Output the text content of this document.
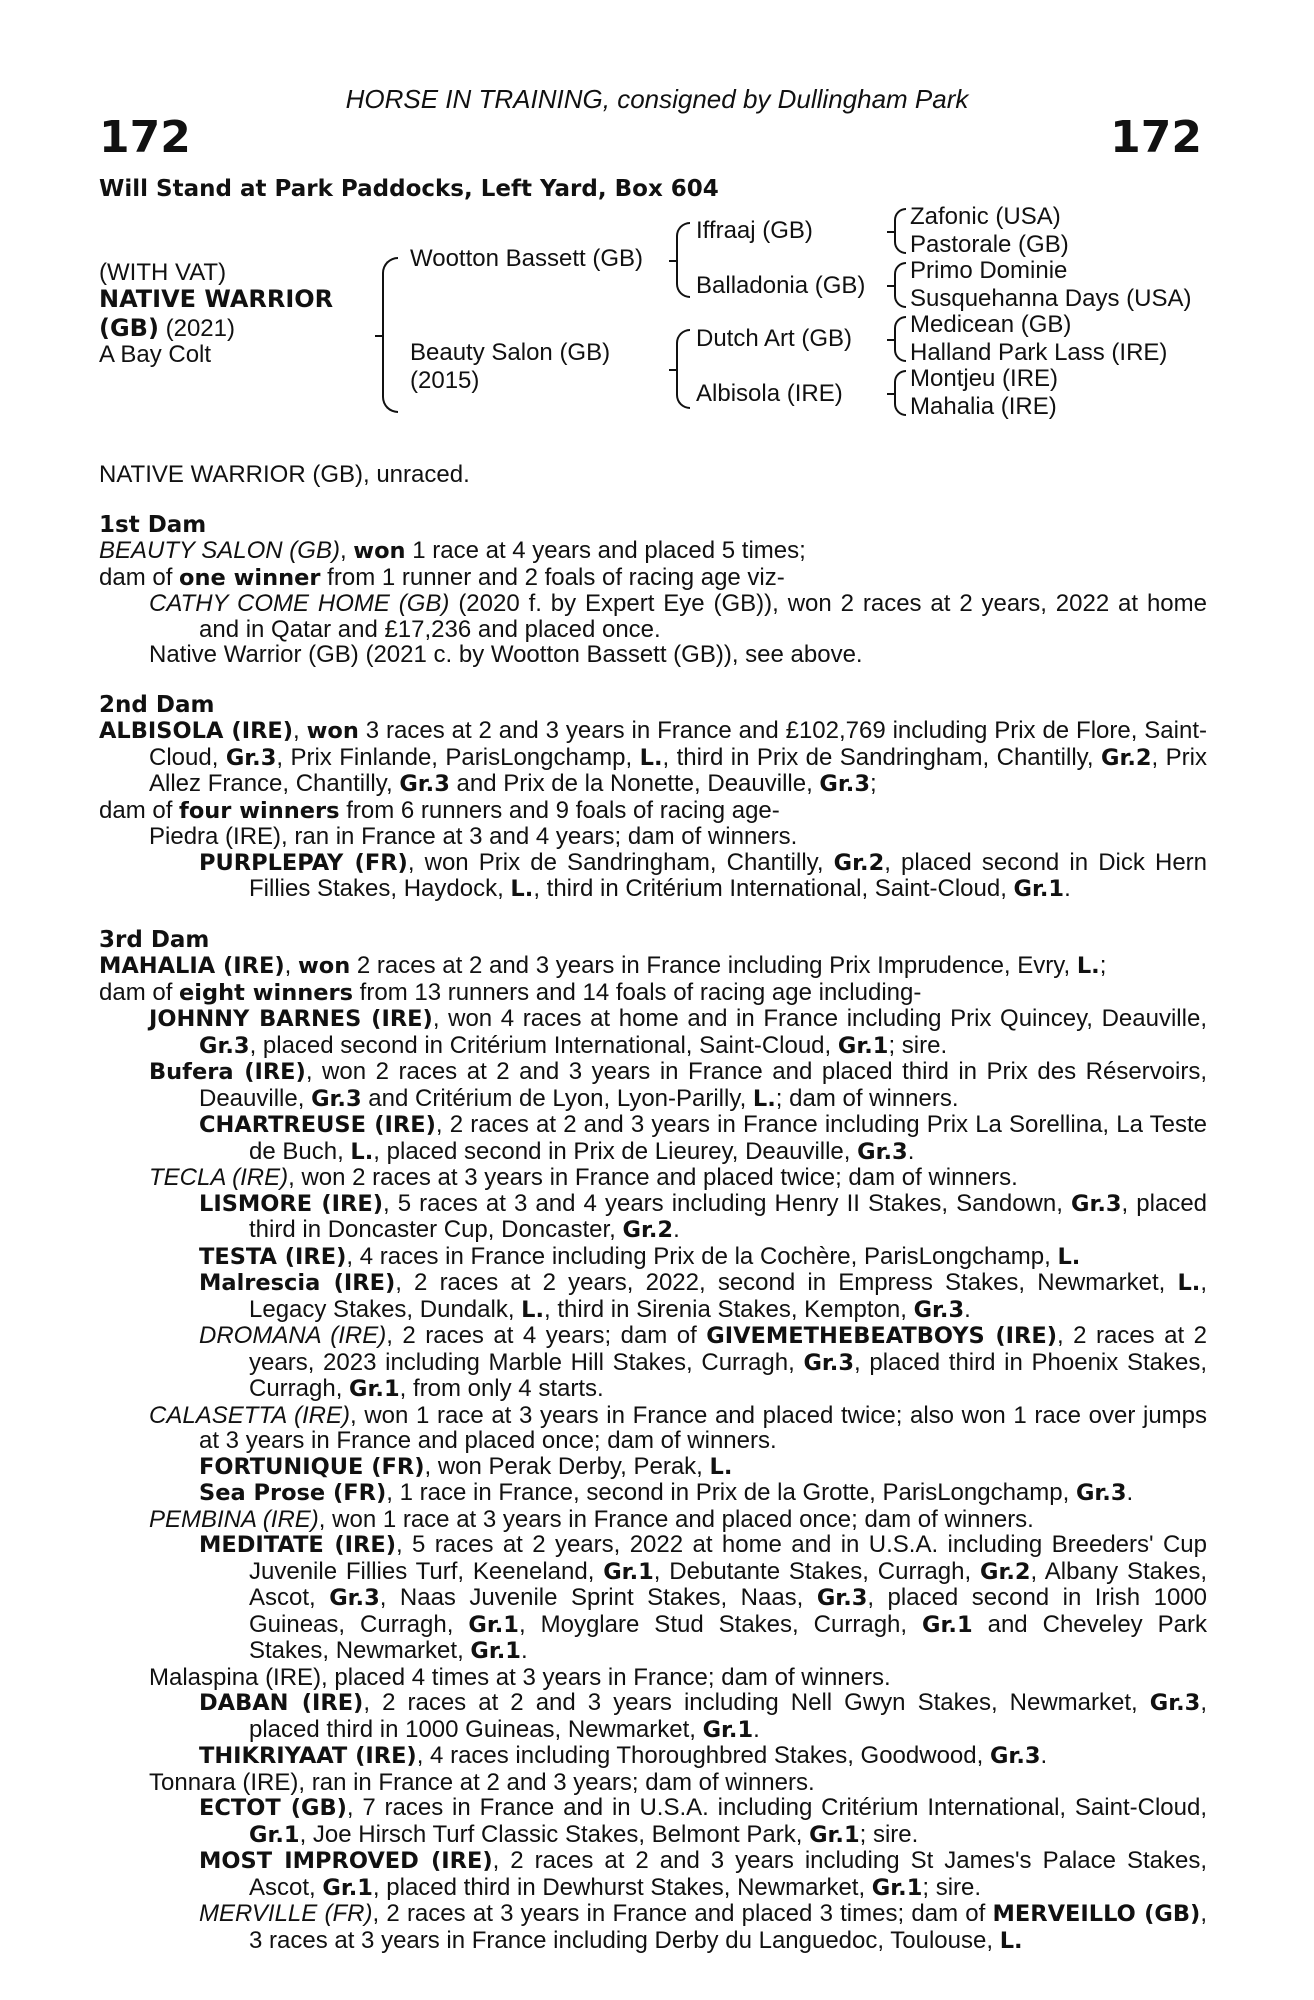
HORSE IN TRAINING, consigned by Dullingham Park
172	172
Will Stand at Park Paddocks, Left Yard, Box 604
(WITH VAT)
NATIVE WARRIOR
(GB) (2021)
A Bay Colt
Wootton Bassett (GB)
Beauty Salon (GB)
(2015)
Iffraaj (GB)
Balladonia (GB)
Dutch Art (GB)
Albisola (IRE)
Zafonic (USA)
Pastorale (GB)
Primo Dominie
Susquehanna Days (USA)
Medicean (GB)
Halland Park Lass (IRE)
Montjeu (IRE)
Mahalia (IRE)

NATIVE WARRIOR (GB), unraced.

1st Dam

BEAUTY SALON (GB), won 1 race at 4 years and placed 5 times;

dam of one winner from 1 runner and 2 foals of racing age viz-

CATHY COME HOME (GB) (2020 f. by Expert Eye (GB)), won 2 races at 2 years, 2022 at home and in Qatar and £17,236 and placed once.

Native Warrior (GB) (2021 c. by Wootton Bassett (GB)), see above.

2nd Dam

ALBISOLA (IRE), won 3 races at 2 and 3 years in France and £102,769 including Prix de Flore, Saint-Cloud, Gr.3, Prix Finlande, ParisLongchamp, L., third in Prix de Sandringham, Chantilly, Gr.2, Prix Allez France, Chantilly, Gr.3 and Prix de la Nonette, Deauville, Gr.3;

dam of four winners from 6 runners and 9 foals of racing age-

Piedra (IRE), ran in France at 3 and 4 years; dam of winners.

PURPLEPAY (FR), won Prix de Sandringham, Chantilly, Gr.2, placed second in Dick Hern Fillies Stakes, Haydock, L., third in Critérium International, Saint-Cloud, Gr.1.

3rd Dam

MAHALIA (IRE), won 2 races at 2 and 3 years in France including Prix Imprudence, Evry, L.;

dam of eight winners from 13 runners and 14 foals of racing age including-

JOHNNY BARNES (IRE), won 4 races at home and in France including Prix Quincey, Deauville, Gr.3, placed second in Critérium International, Saint-Cloud, Gr.1; sire.

Bufera (IRE), won 2 races at 2 and 3 years in France and placed third in Prix des Réservoirs, Deauville, Gr.3 and Critérium de Lyon, Lyon-Parilly, L.; dam of winners.

CHARTREUSE (IRE), 2 races at 2 and 3 years in France including Prix La Sorellina, La Teste de Buch, L., placed second in Prix de Lieurey, Deauville, Gr.3.

TECLA (IRE), won 2 races at 3 years in France and placed twice; dam of winners.

LISMORE (IRE), 5 races at 3 and 4 years including Henry II Stakes, Sandown, Gr.3, placed third in Doncaster Cup, Doncaster, Gr.2.

TESTA (IRE), 4 races in France including Prix de la Cochère, ParisLongchamp, L.

Malrescia (IRE), 2 races at 2 years, 2022, second in Empress Stakes, Newmarket, L., Legacy Stakes, Dundalk, L., third in Sirenia Stakes, Kempton, Gr.3.

DROMANA (IRE), 2 races at 4 years; dam of GIVEMETHEBEATBOYS (IRE), 2 races at 2 years, 2023 including Marble Hill Stakes, Curragh, Gr.3, placed third in Phoenix Stakes, Curragh, Gr.1, from only 4 starts.

CALASETTA (IRE), won 1 race at 3 years in France and placed twice; also won 1 race over jumps at 3 years in France and placed once; dam of winners.

FORTUNIQUE (FR), won Perak Derby, Perak, L.

Sea Prose (FR), 1 race in France, second in Prix de la Grotte, ParisLongchamp, Gr.3.

PEMBINA (IRE), won 1 race at 3 years in France and placed once; dam of winners.

MEDITATE (IRE), 5 races at 2 years, 2022 at home and in U.S.A. including Breeders' Cup Juvenile Fillies Turf, Keeneland, Gr.1, Debutante Stakes, Curragh, Gr.2, Albany Stakes, Ascot, Gr.3, Naas Juvenile Sprint Stakes, Naas, Gr.3, placed second in Irish 1000 Guineas, Curragh, Gr.1, Moyglare Stud Stakes, Curragh, Gr.1 and Cheveley Park Stakes, Newmarket, Gr.1.

Malaspina (IRE), placed 4 times at 3 years in France; dam of winners.

DABAN (IRE), 2 races at 2 and 3 years including Nell Gwyn Stakes, Newmarket, Gr.3, placed third in 1000 Guineas, Newmarket, Gr.1.

THIKRIYAAT (IRE), 4 races including Thoroughbred Stakes, Goodwood, Gr.3.

Tonnara (IRE), ran in France at 2 and 3 years; dam of winners.

ECTOT (GB), 7 races in France and in U.S.A. including Critérium International, Saint-Cloud, Gr.1, Joe Hirsch Turf Classic Stakes, Belmont Park, Gr.1; sire.

MOST IMPROVED (IRE), 2 races at 2 and 3 years including St James's Palace Stakes, Ascot, Gr.1, placed third in Dewhurst Stakes, Newmarket, Gr.1; sire.

MERVILLE (FR), 2 races at 3 years in France and placed 3 times; dam of MERVEILLO (GB), 3 races at 3 years in France including Derby du Languedoc, Toulouse, L.
